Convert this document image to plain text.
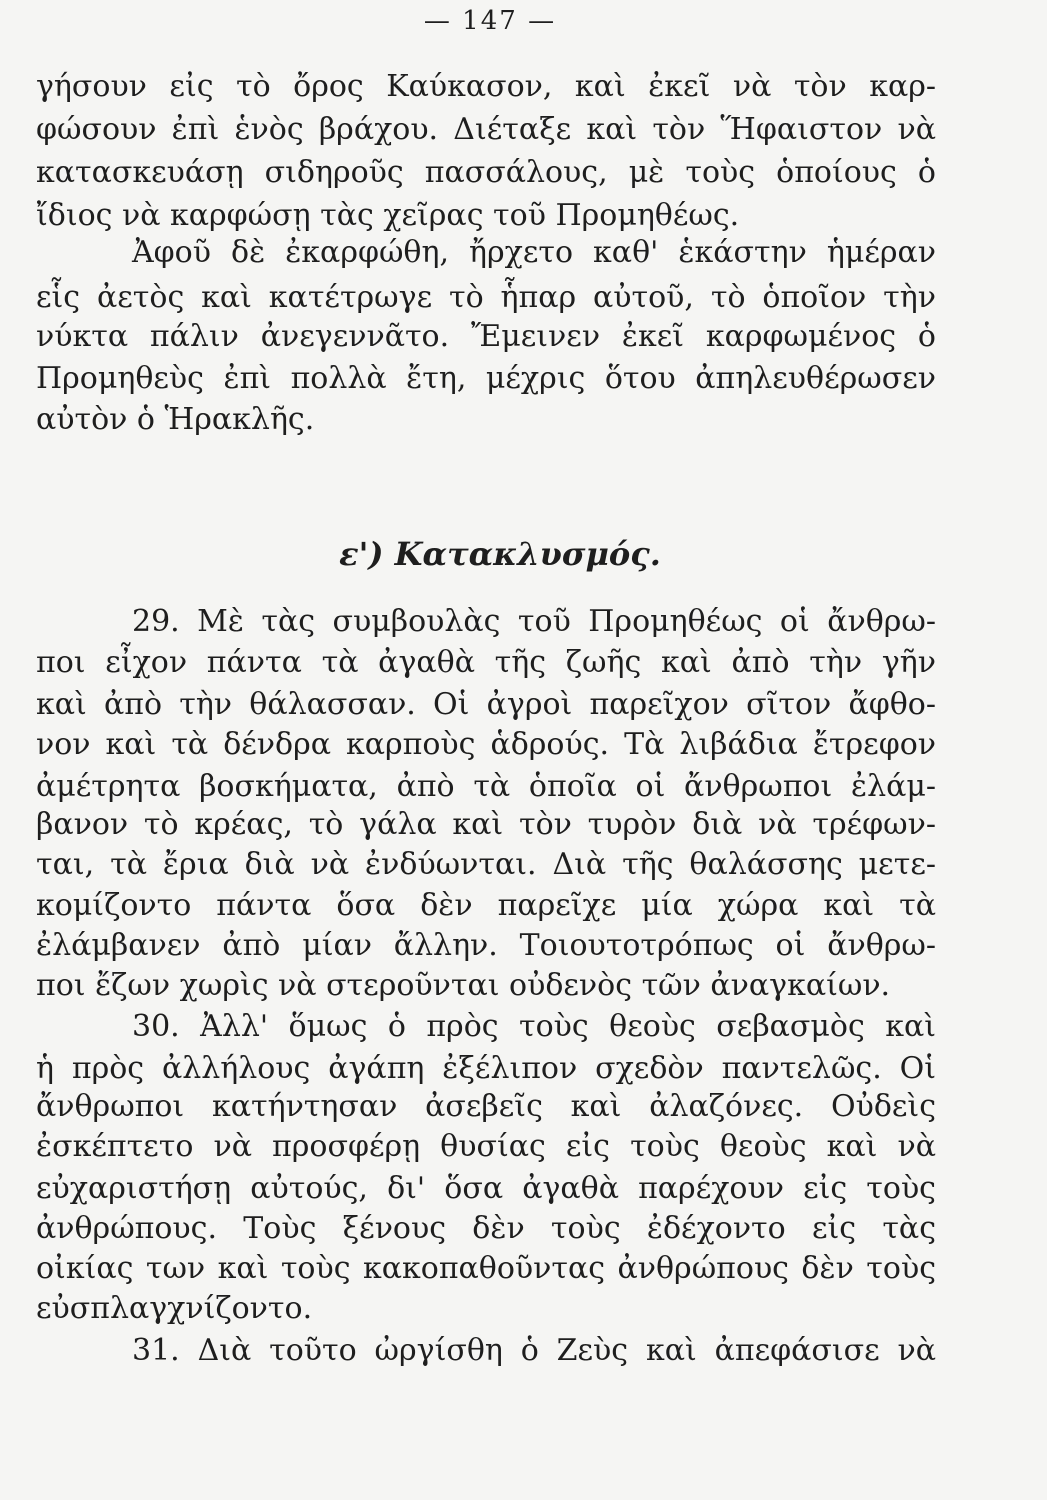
— 147 —
γήσουν εἰς τὸ ὄρος Καύκασον, καὶ ἐκεῖ νὰ τὸν καρ-
φώσουν ἐπὶ ἑνὸς βράχου. Διέταξε καὶ τὸν Ἥφαιστον νὰ
κατασκευάσῃ σιδηροῦς πασσάλους, μὲ τοὺς ὁποίους ὁ
ἴδιος νὰ καρφώσῃ τὰς χεῖρας τοῦ Προμηθέως.
Ἀφοῦ δὲ ἐκαρφώθη, ἤρχετο καθ' ἑκάστην ἡμέραν
εἷς ἀετὸς καὶ κατέτρωγε τὸ ἧπαρ αὐτοῦ, τὸ ὁποῖον τὴν
νύκτα πάλιν ἀνεγεννᾶτο. Ἔμεινεν ἐκεῖ καρφωμένος ὁ
Προμηθεὺς ἐπὶ πολλὰ ἔτη, μέχρις ὅτου ἀπηλευθέρωσεν
αὐτὸν ὁ Ἡρακλῆς.
ε') Κατακλυσμός.
29. Μὲ τὰς συμβουλὰς τοῦ Προμηθέως οἱ ἄνθρω-
ποι εἶχον πάντα τὰ ἀγαθὰ τῆς ζωῆς καὶ ἀπὸ τὴν γῆν
καὶ ἀπὸ τὴν θάλασσαν. Οἱ ἀγροὶ παρεῖχον σῖτον ἄφθο-
νον καὶ τὰ δένδρα καρποὺς ἁδρούς. Τὰ λιβάδια ἔτρεφον
ἀμέτρητα βοσκήματα, ἀπὸ τὰ ὁποῖα οἱ ἄνθρωποι ἐλάμ-
βανον τὸ κρέας, τὸ γάλα καὶ τὸν τυρὸν διὰ νὰ τρέφων-
ται, τὰ ἔρια διὰ νὰ ἐνδύωνται. Διὰ τῆς θαλάσσης μετε-
κομίζοντο πάντα ὅσα δὲν παρεῖχε μία χώρα καὶ τὰ
ἐλάμβανεν ἀπὸ μίαν ἄλλην. Τοιουτοτρόπως οἱ ἄνθρω-
ποι ἔζων χωρὶς νὰ στεροῦνται οὐδενὸς τῶν ἀναγκαίων.
30. Ἀλλ' ὅμως ὁ πρὸς τοὺς θεοὺς σεβασμὸς καὶ
ἡ πρὸς ἀλλήλους ἀγάπη ἐξέλιπον σχεδὸν παντελῶς. Οἱ
ἄνθρωποι κατήντησαν ἀσεβεῖς καὶ ἀλαζόνες. Οὐδεὶς
ἐσκέπτετο νὰ προσφέρῃ θυσίας εἰς τοὺς θεοὺς καὶ νὰ
εὐχαριστήσῃ αὐτούς, δι' ὅσα ἀγαθὰ παρέχουν εἰς τοὺς
ἀνθρώπους. Τοὺς ξένους δὲν τοὺς ἐδέχοντο εἰς τὰς
οἰκίας των καὶ τοὺς κακοπαθοῦντας ἀνθρώπους δὲν τοὺς
εὐσπλαγχνίζοντο.
31. Διὰ τοῦτο ὠργίσθη ὁ Ζεὺς καὶ ἀπεφάσισε νὰ
